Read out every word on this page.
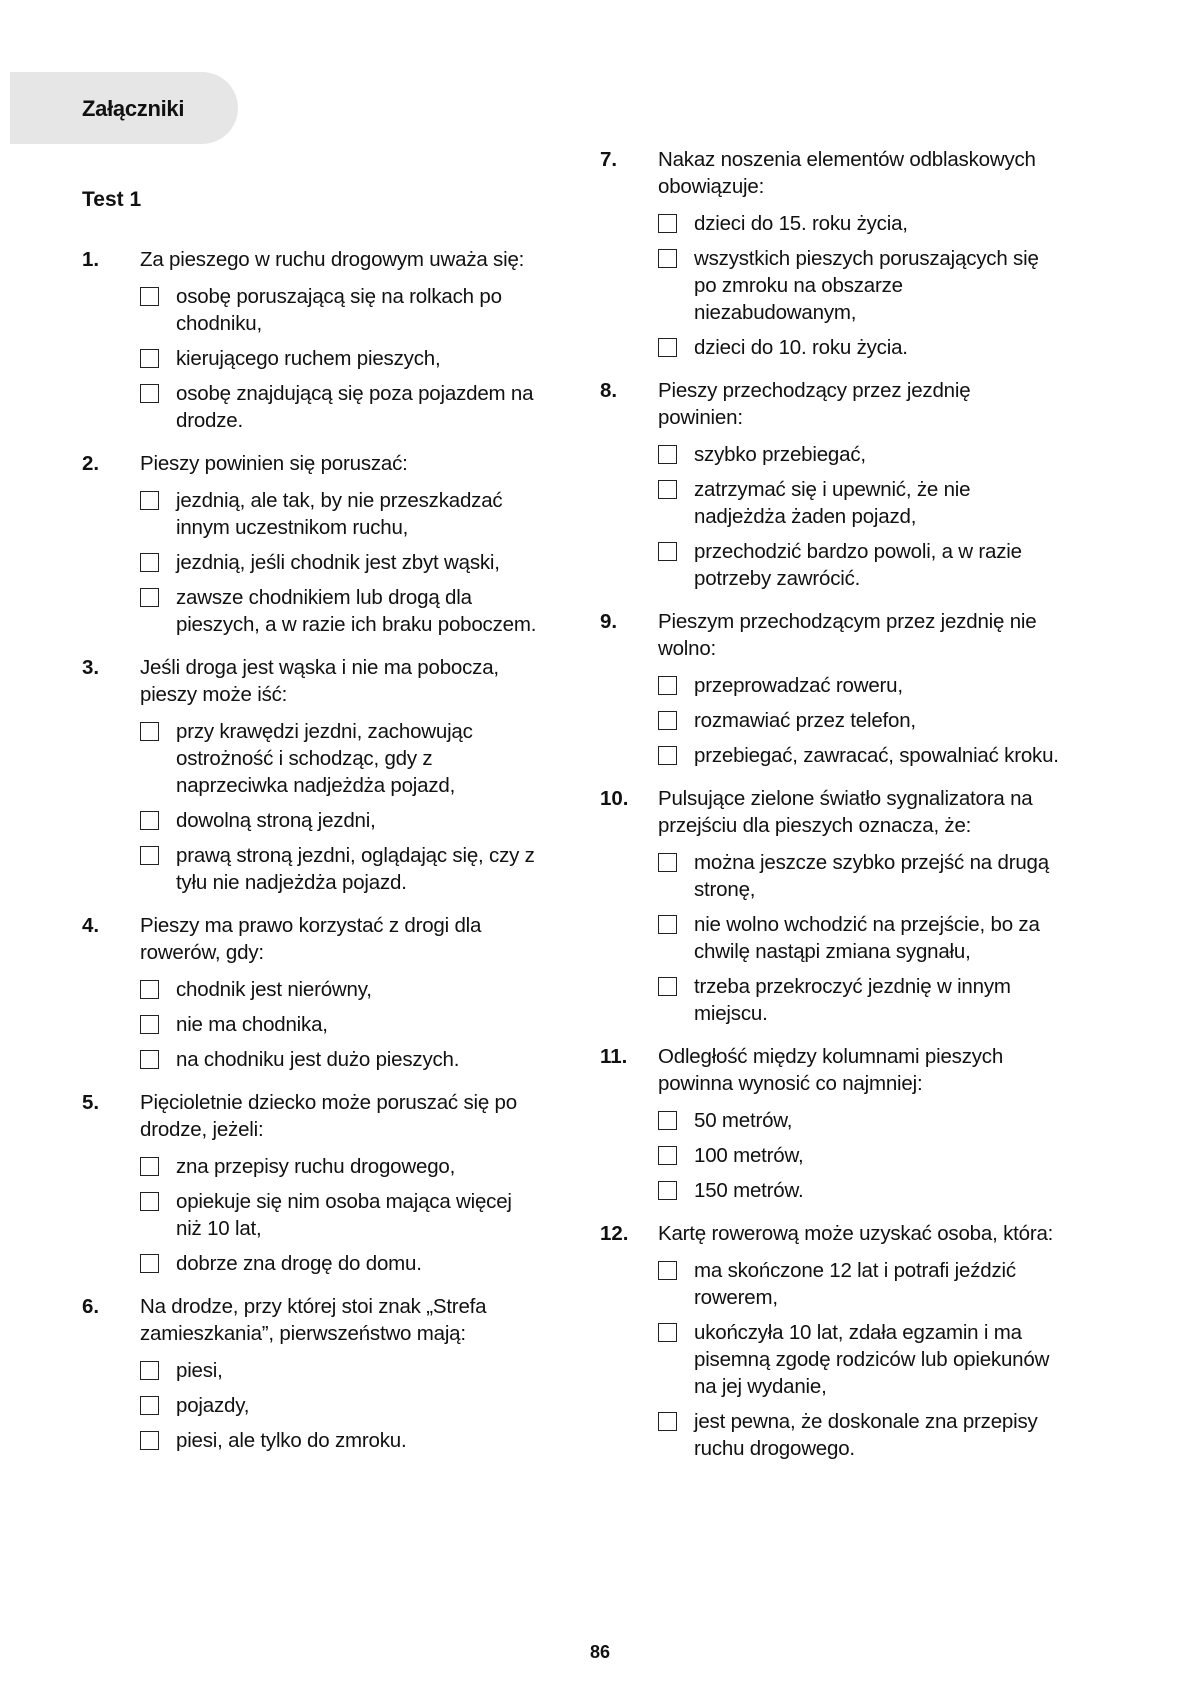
Załączniki
Test 1
1. Za pieszego w ruchu drogowym uważa się:
osobę poruszającą się na rolkach po chodniku,
kierującego ruchem pieszych,
osobę znajdującą się poza pojazdem na drodze.
2. Pieszy powinien się poruszać:
jezdnią, ale tak, by nie przeszkadzać innym uczestnikom ruchu,
jezdnią, jeśli chodnik jest zbyt wąski,
zawsze chodnikiem lub drogą dla pieszych, a w razie ich braku poboczem.
3. Jeśli droga jest wąska i nie ma pobocza, pieszy może iść:
przy krawędzi jezdni, zachowując ostrożność i schodząc, gdy z naprzeciwka nadjeżdża pojazd,
dowolną stroną jezdni,
prawą stroną jezdni, oglądając się, czy z tyłu nie nadjeżdża pojazd.
4. Pieszy ma prawo korzystać z drogi dla rowerów, gdy:
chodnik jest nierówny,
nie ma chodnika,
na chodniku jest dużo pieszych.
5. Pięcioletnie dziecko może poruszać się po drodze, jeżeli:
zna przepisy ruchu drogowego,
opiekuje się nim osoba mająca więcej niż 10 lat,
dobrze zna drogę do domu.
6. Na drodze, przy której stoi znak „Strefa zamieszkania”, pierwszeństwo mają:
piesi,
pojazdy,
piesi, ale tylko do zmroku.
7. Nakaz noszenia elementów odblaskowych obowiązuje:
dzieci do 15. roku życia,
wszystkich pieszych poruszających się po zmroku na obszarze niezabudowanym,
dzieci do 10. roku życia.
8. Pieszy przechodzący przez jezdnię powinien:
szybko przebiegać,
zatrzymać się i upewnić, że nie nadjeżdża żaden pojazd,
przechodzić bardzo powoli, a w razie potrzeby zawrócić.
9. Pieszym przechodzącym przez jezdnię nie wolno:
przeprowadzać roweru,
rozmawiać przez telefon,
przebiegać, zawracać, spowalniać kroku.
10. Pulsujące zielone światło sygnalizatora na przejściu dla pieszych oznacza, że:
można jeszcze szybko przejść na drugą stronę,
nie wolno wchodzić na przejście, bo za chwilę nastąpi zmiana sygnału,
trzeba przekroczyć jezdnię w innym miejscu.
11. Odległość między kolumnami pieszych powinna wynosić co najmniej:
50 metrów,
100 metrów,
150 metrów.
12. Kartę rowerową może uzyskać osoba, która:
ma skończone 12 lat i potrafi jeździć rowerem,
ukończyła 10 lat, zdała egzamin i ma pisemną zgodę rodziców lub opiekunów na jej wydanie,
jest pewna, że doskonale zna przepisy ruchu drogowego.
86
